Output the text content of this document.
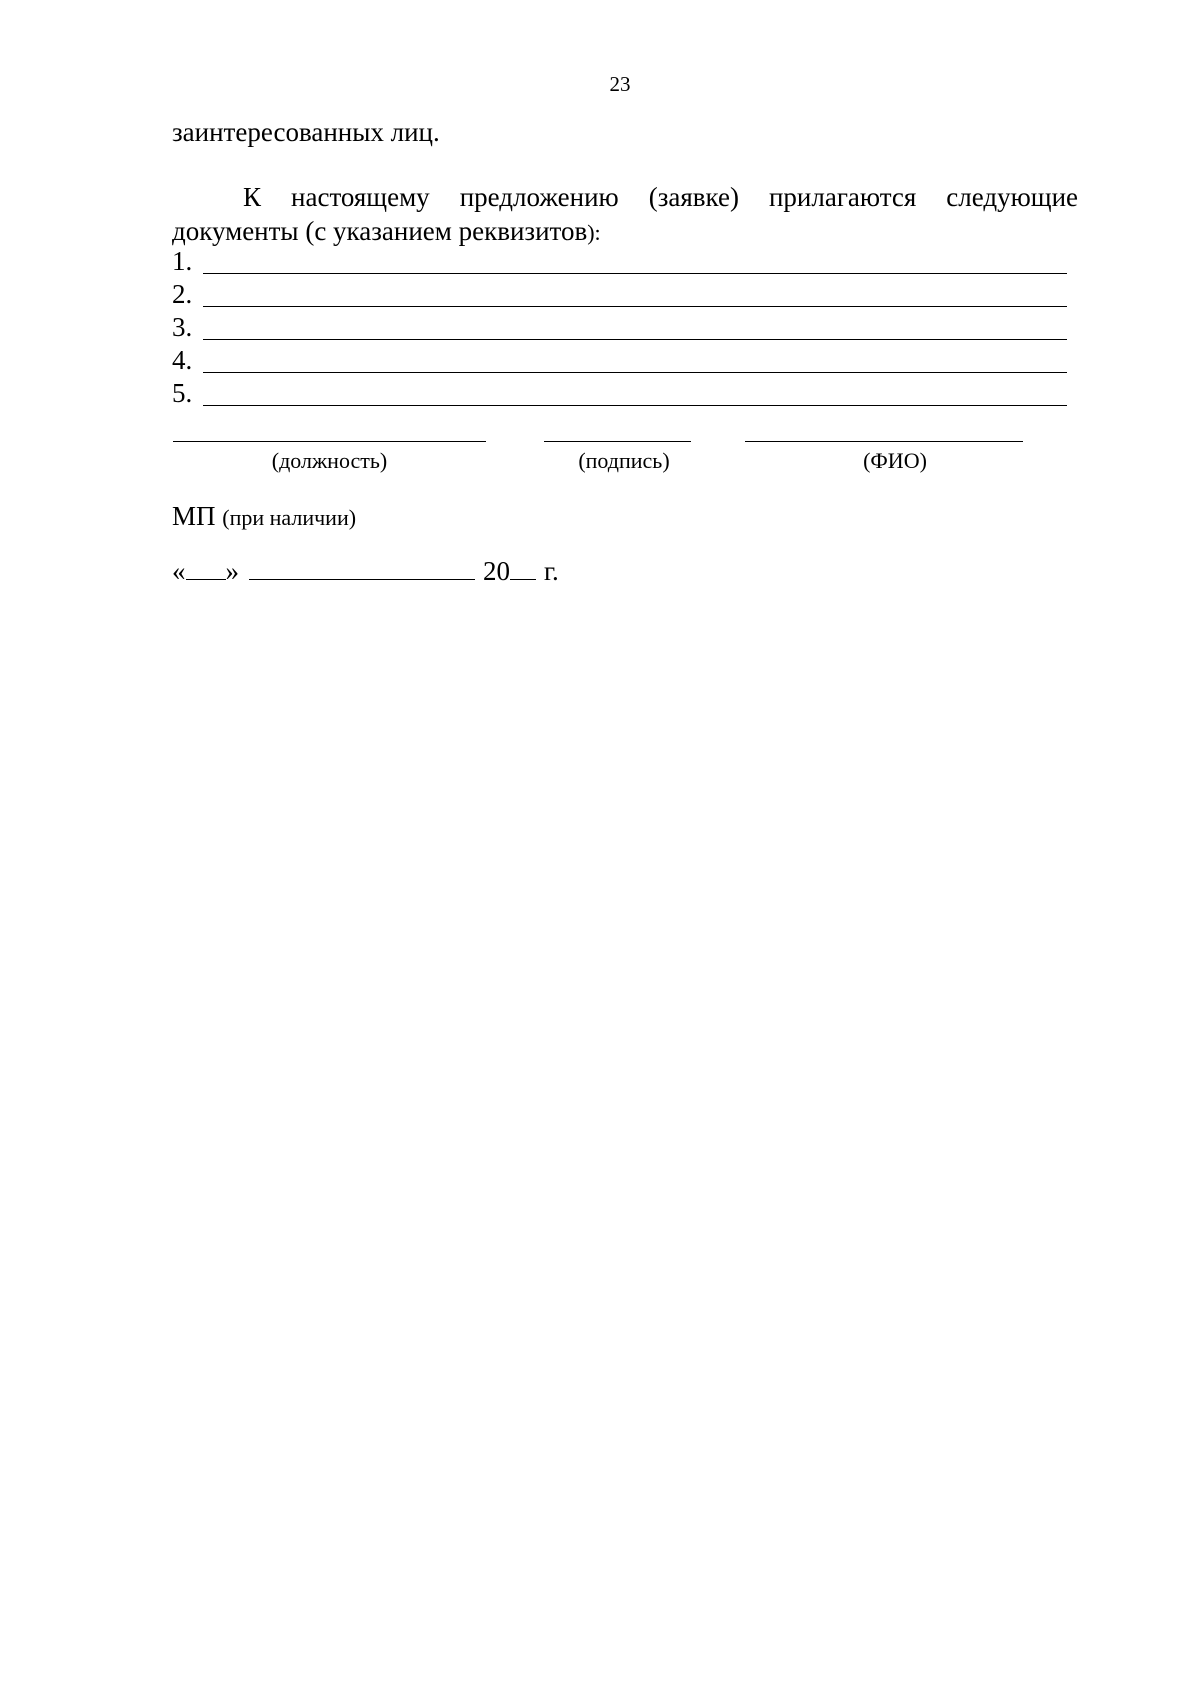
23
заинтересованных лиц.
К настоящему предложению (заявке) прилагаются следующие
документы (с указанием реквизитов):
1.
2.
3.
4.
5.
(должность)	(подпись)	(ФИО)
МП (при наличии)
« »	20 г.
